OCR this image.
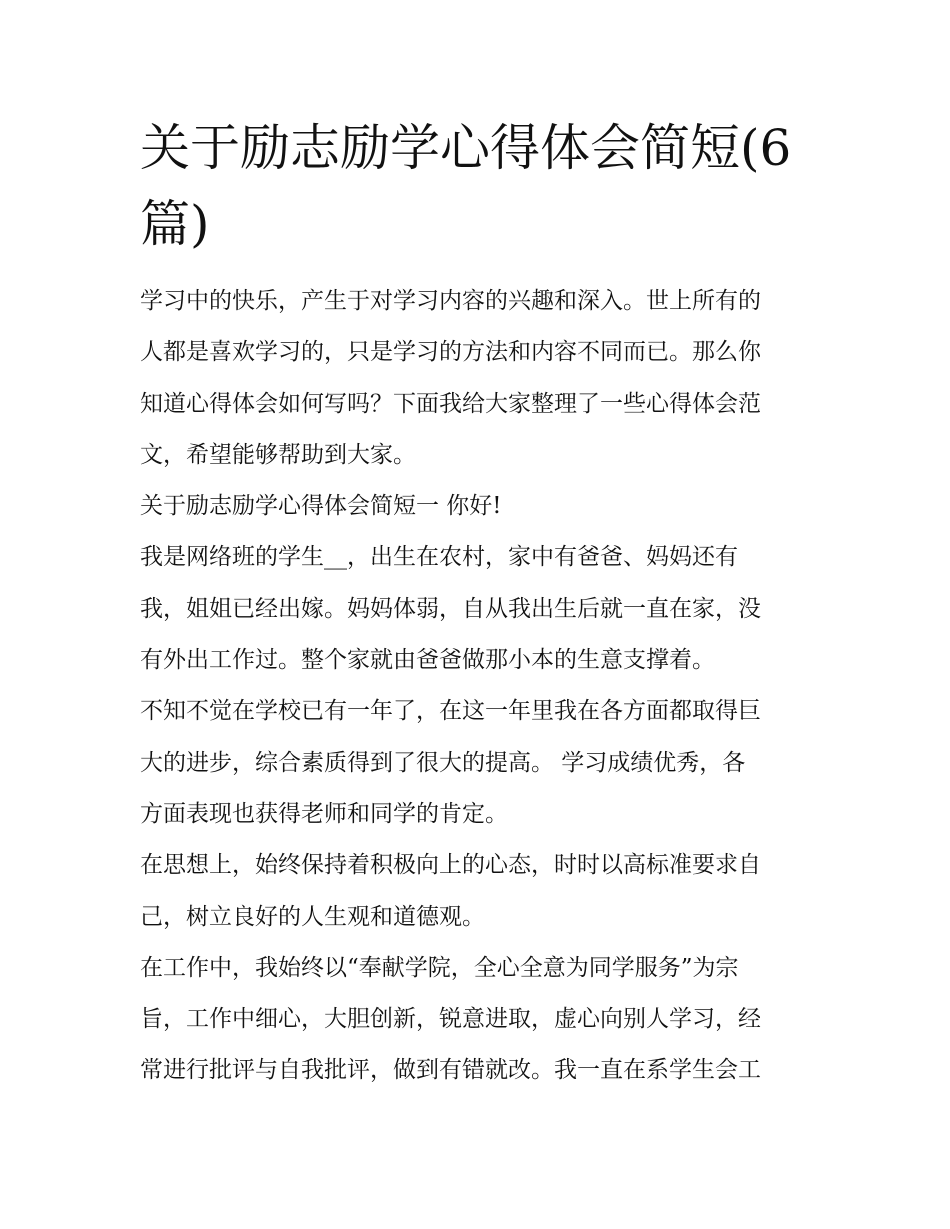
关于励志励学心得体会简短(6
篇)
学习中的快乐，产生于对学习内容的兴趣和深入。世上所有的
人都是喜欢学习的，只是学习的方法和内容不同而已。那么你
知道心得体会如何写吗？下面我给大家整理了一些心得体会范
文，希望能够帮助到大家。
关于励志励学心得体会简短一 你好!
我是网络班的学生__，出生在农村，家中有爸爸、妈妈还有
我，姐姐已经出嫁。妈妈体弱，自从我出生后就一直在家，没
有外出工作过。整个家就由爸爸做那小本的生意支撑着。
不知不觉在学校已有一年了，在这一年里我在各方面都取得巨
大的进步，综合素质得到了很大的提高。 学习成绩优秀，各
方面表现也获得老师和同学的肯定。
在思想上，始终保持着积极向上的心态，时时以高标准要求自
己，树立良好的人生观和道德观。
在工作中，我始终以“奉献学院，全心全意为同学服务”为宗
旨，工作中细心，大胆创新，锐意进取，虚心向别人学习，经
常进行批评与自我批评，做到有错就改。我一直在系学生会工
